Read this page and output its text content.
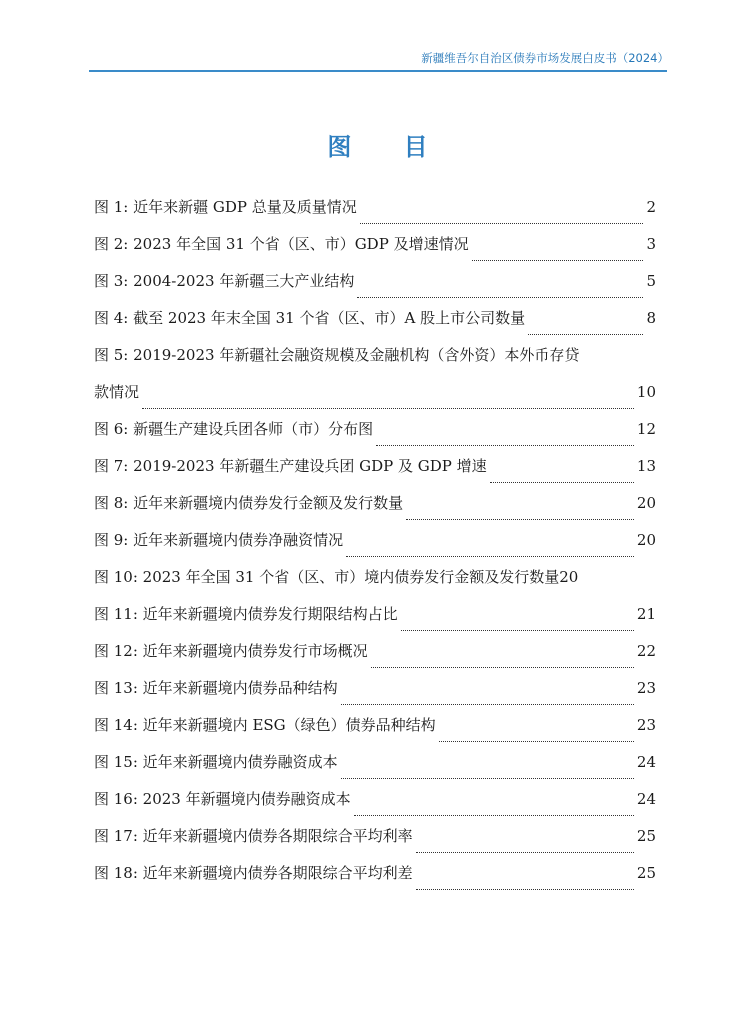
新疆维吾尔自治区债券市场发展白皮书（2024）
图 目
图 1: 近年来新疆 GDP 总量及质量情况	2
图 2: 2023 年全国 31 个省（区、市）GDP 及增速情况	3
图 3: 2004-2023 年新疆三大产业结构	5
图 4: 截至 2023 年末全国 31 个省（区、市）A 股上市公司数量	8
图 5: 2019-2023 年新疆社会融资规模及金融机构（含外资）本外币存贷
款情况	10
图 6: 新疆生产建设兵团各师（市）分布图	12
图 7: 2019-2023 年新疆生产建设兵团 GDP 及 GDP 增速	13
图 8: 近年来新疆境内债券发行金额及发行数量	20
图 9: 近年来新疆境内债券净融资情况	20
图 10: 2023 年全国 31 个省（区、市）境内债券发行金额及发行数量 20
图 11: 近年来新疆境内债券发行期限结构占比	21
图 12: 近年来新疆境内债券发行市场概况	22
图 13: 近年来新疆境内债券品种结构	23
图 14: 近年来新疆境内 ESG（绿色）债券品种结构	23
图 15: 近年来新疆境内债券融资成本	24
图 16: 2023 年新疆境内债券融资成本	24
图 17: 近年来新疆境内债券各期限综合平均利率	25
图 18: 近年来新疆境内债券各期限综合平均利差	25
